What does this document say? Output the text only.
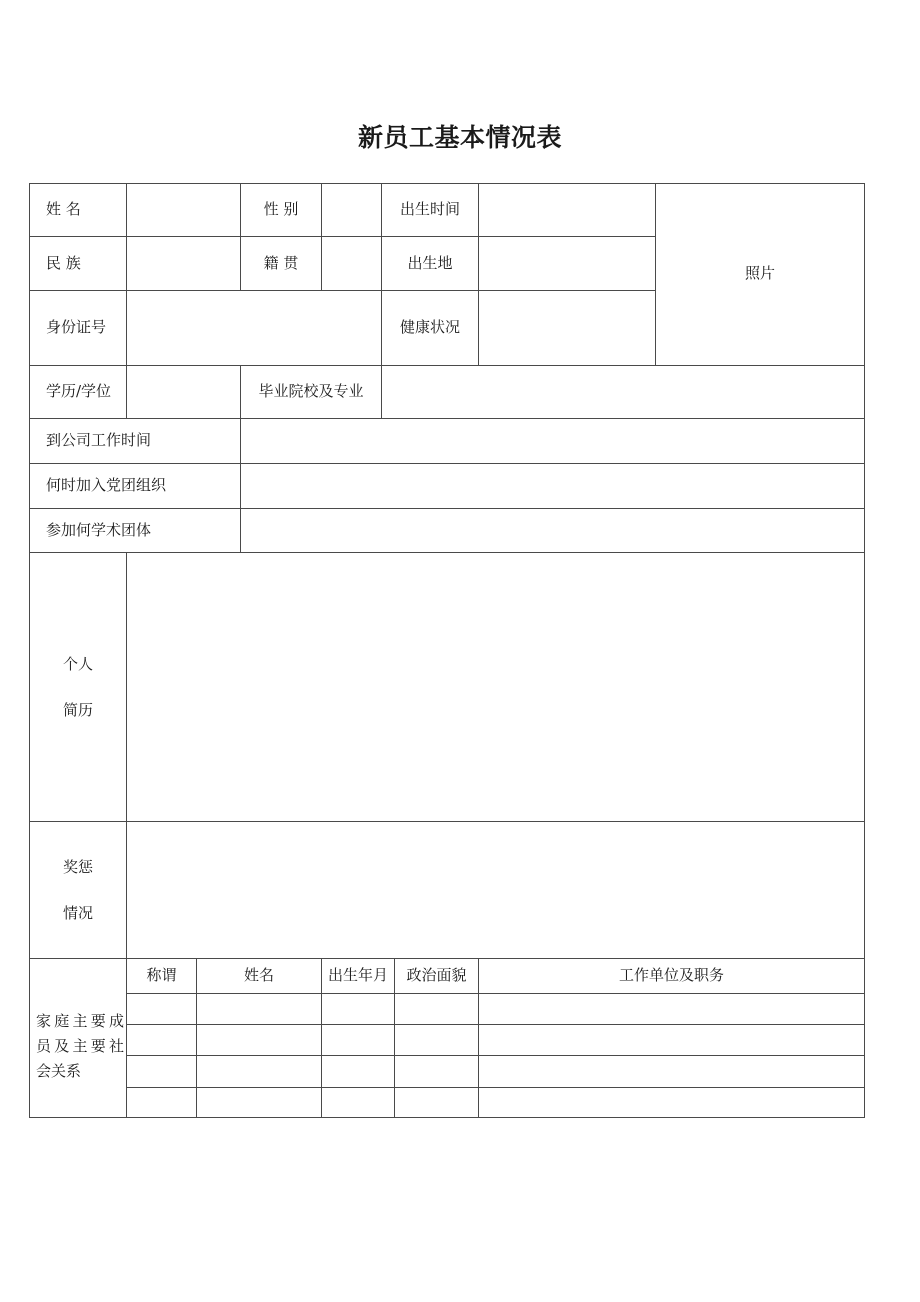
新员工基本情况表
姓 名	性 别	出生时间
照片
民 族	籍 贯	出生地
身份证号	健康状况
学历/学位	毕业院校及专业
到公司工作时间
何时加入党团组织
参加何学术团体
个人
简历
奖惩
情况
家庭主要成
员及主要社
会关系
称谓	姓名	出生年月 政治面貌	工作单位及职务
